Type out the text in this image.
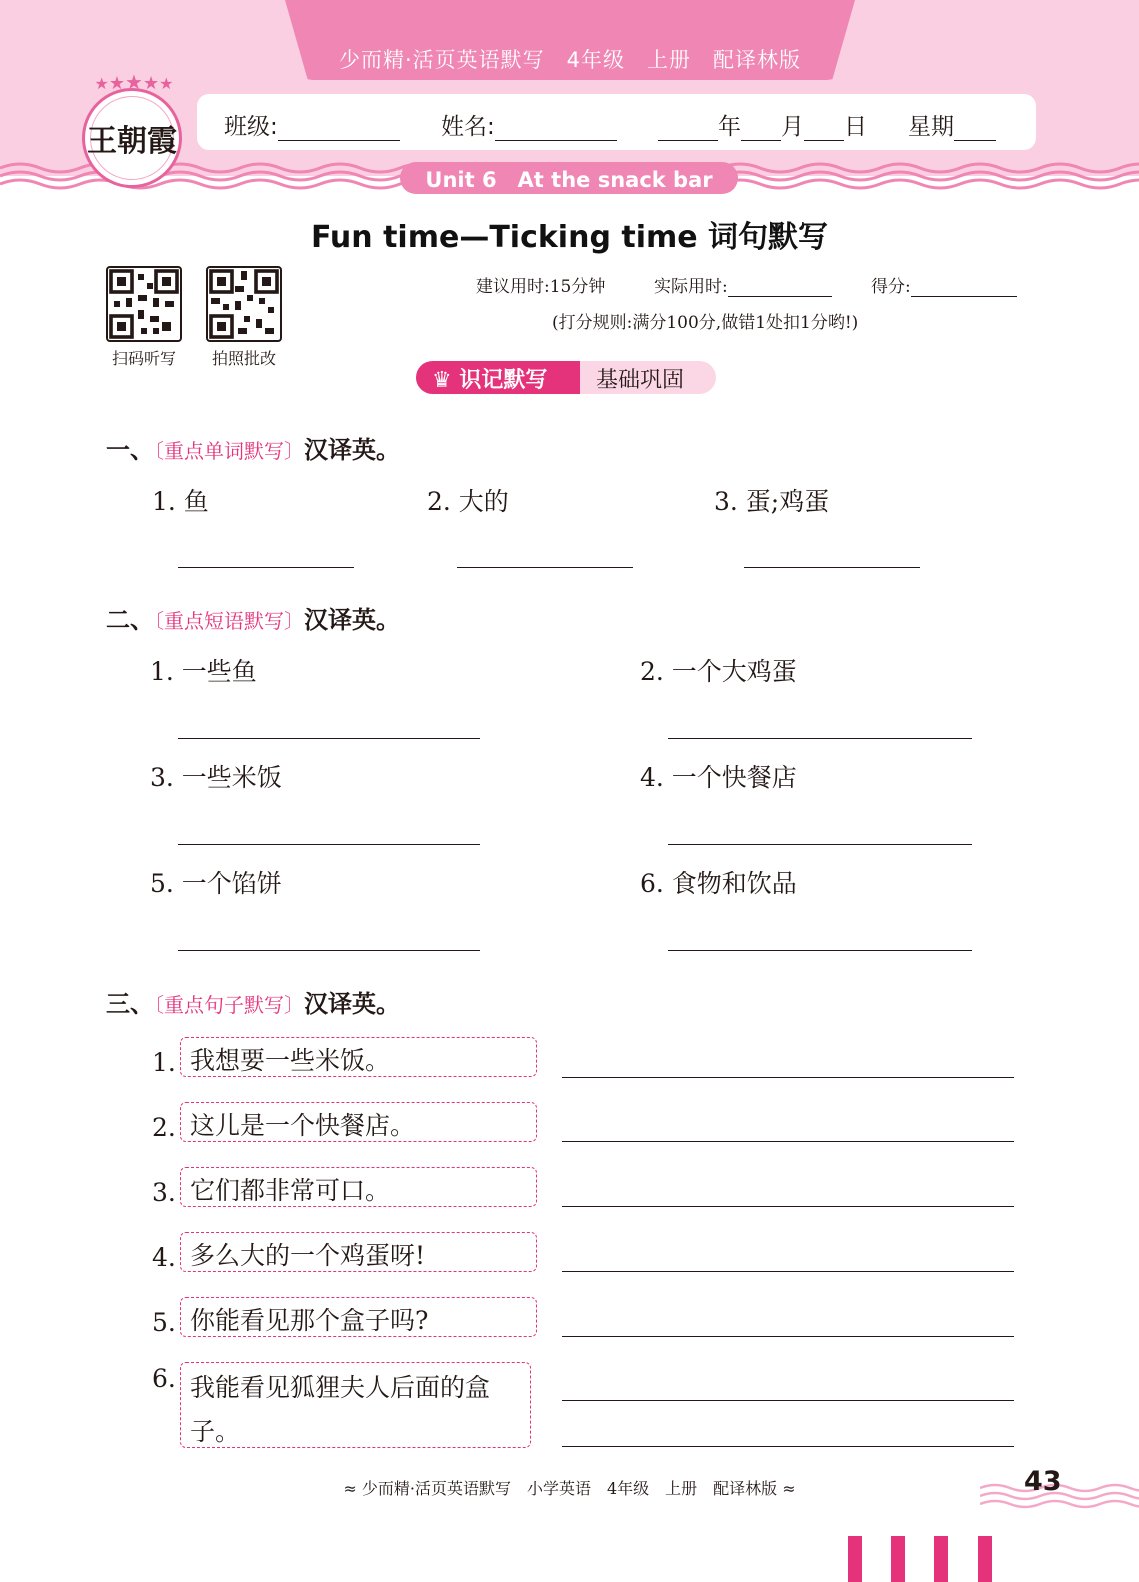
少而精·活页英语默写　4年级　上册　配译林版
班级:	姓名:	年 月 日 星期
Unit 6　At the snack bar
★★★★★
王朝霞
Fun time—Ticking time 词句默写
扫码听写	拍照批改
建议用时:15分钟	实际用时:	得分:
(打分规则:满分100分,做错1处扣1分哟!)
♛ 识记默写 基础巩固
一、〔重点单词默写〕汉译英。
1. 鱼	2. 大的	3. 蛋;鸡蛋
二、〔重点短语默写〕汉译英。
1. 一些鱼	2. 一个大鸡蛋
3. 一些米饭	4. 一个快餐店
5. 一个馅饼	6. 食物和饮品
三、〔重点句子默写〕汉译英。
1. 我想要一些米饭。
2. 这儿是一个快餐店。
3. 它们都非常可口。
4. 多么大的一个鸡蛋呀!
5. 你能看见那个盒子吗?
6. 我能看见狐狸夫人后面的盒子。
≈ 少而精·活页英语默写　小学英语　4年级　上册　配译林版 ≈	43
